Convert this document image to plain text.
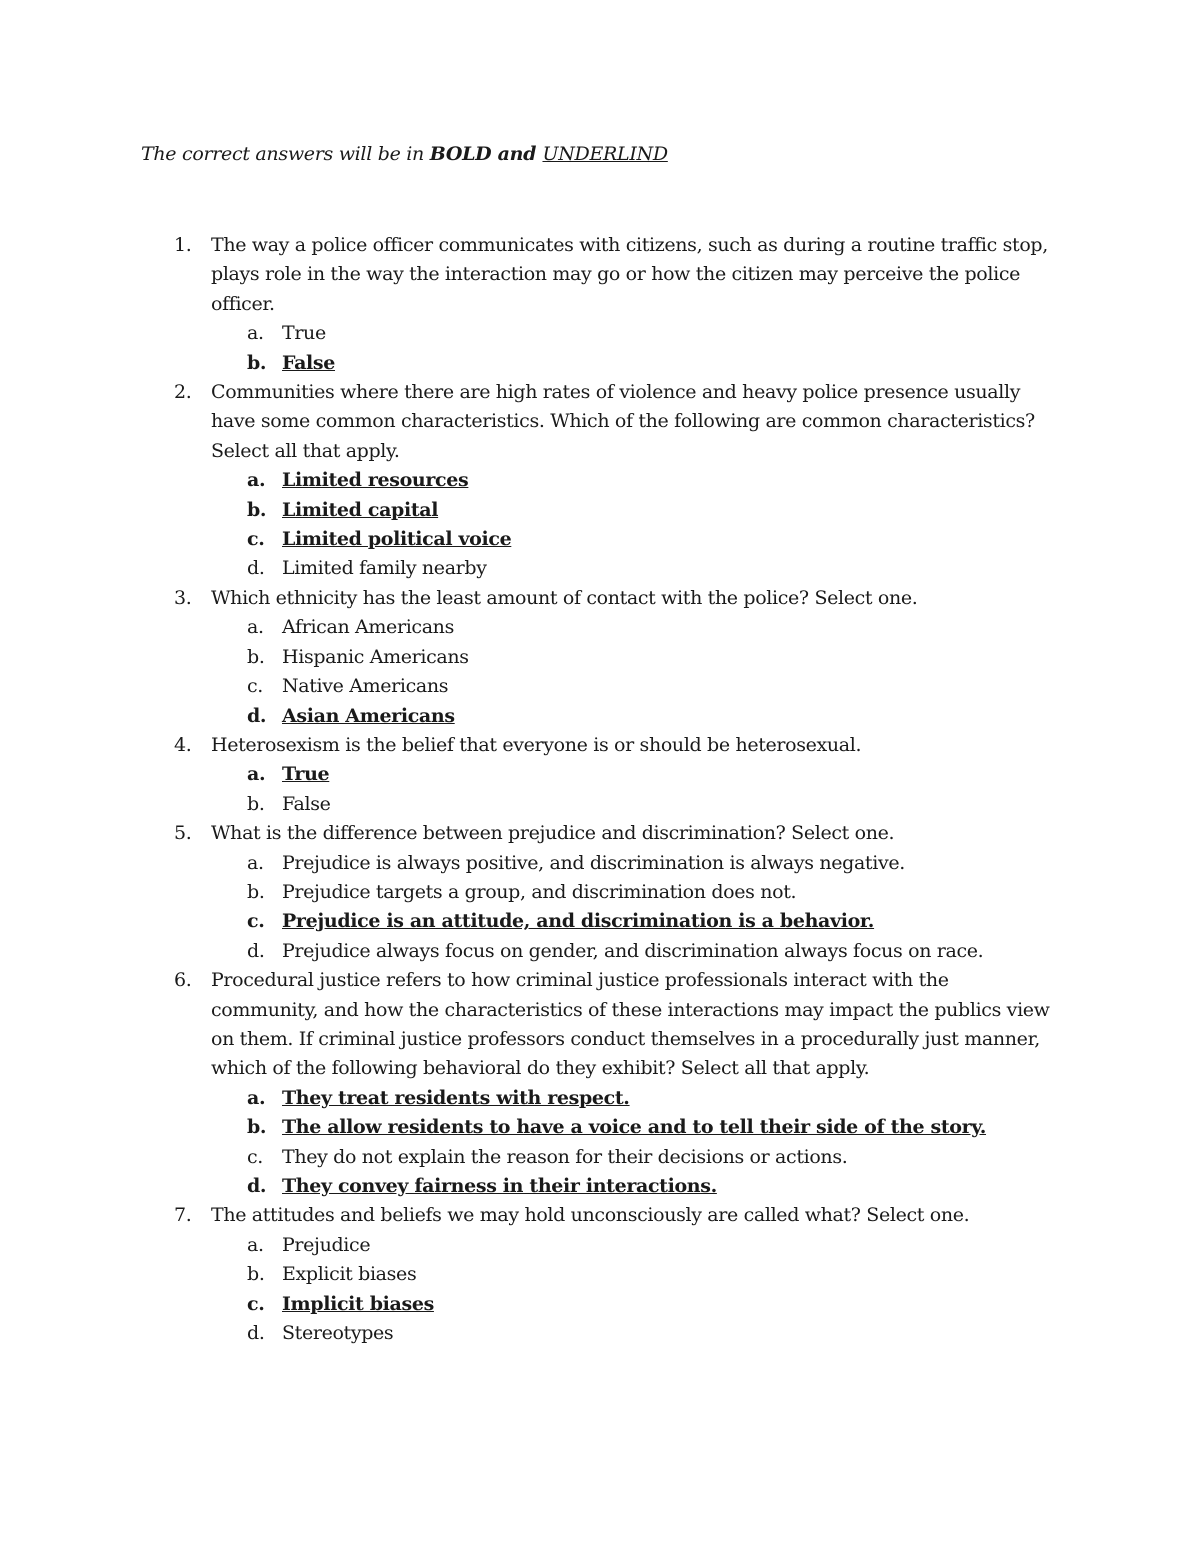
The correct answers will be in BOLD and UNDERLIND
1. The way a police officer communicates with citizens, such as during a routine traffic stop, plays role in the way the interaction may go or how the citizen may perceive the police officer.
a. True
b. False
2. Communities where there are high rates of violence and heavy police presence usually have some common characteristics. Which of the following are common characteristics? Select all that apply.
a. Limited resources
b. Limited capital
c. Limited political voice
d. Limited family nearby
3. Which ethnicity has the least amount of contact with the police? Select one.
a. African Americans
b. Hispanic Americans
c. Native Americans
d. Asian Americans
4. Heterosexism is the belief that everyone is or should be heterosexual.
a. True
b. False
5. What is the difference between prejudice and discrimination? Select one.
a. Prejudice is always positive, and discrimination is always negative.
b. Prejudice targets a group, and discrimination does not.
c. Prejudice is an attitude, and discrimination is a behavior.
d. Prejudice always focus on gender, and discrimination always focus on race.
6. Procedural justice refers to how criminal justice professionals interact with the community, and how the characteristics of these interactions may impact the publics view on them. If criminal justice professors conduct themselves in a procedurally just manner, which of the following behavioral do they exhibit? Select all that apply.
a. They treat residents with respect.
b. The allow residents to have a voice and to tell their side of the story.
c. They do not explain the reason for their decisions or actions.
d. They convey fairness in their interactions.
7. The attitudes and beliefs we may hold unconsciously are called what? Select one.
a. Prejudice
b. Explicit biases
c. Implicit biases
d. Stereotypes
